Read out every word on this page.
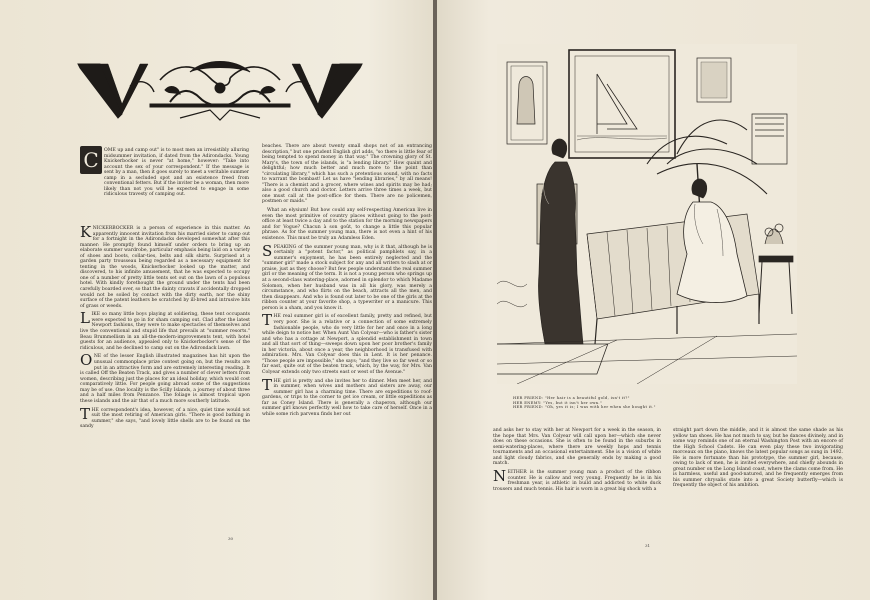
C	OME up and camp out" is to most men an irresistibly alluring midsummer invitation, if dated from the Adirondacks. Young Knickerbocker is never "at home," however: "Take into account the sex of your correspondent." If the message is sent by a man, then it goes surely to meet a veritable summer camp in a secluded spot and an existence freed from conventional fetters. But if the inviter be a woman, then more likely than not you will be expected to engage in some ridiculous travesty of camping out.

KNICKERBOCKER is a person of experience in this matter. An apparently innocent invitation from his married sister to camp out for a fortnight in the Adirondacks developed somewhat after this manner: He promptly found himself under orders to bring up an elaborate summer wardrobe, particular emphasis being laid on a variety of shoes and boots, collar-ties, belts and silk shirts. Surprised at a garden party trousseau being regarded as a necessary equipment for tenting in the woods, Knickerbocker looked up the matter, and discovered, to his infinite amusement, that he was expected to occupy one of a number of pretty little tents set out on the lawn of a populous hotel. With kindly forethought the ground under the tents had been carefully boarded over, so that the dainty cravats if accidentally dropped would not be soiled by contact with the dirty earth, nor the shiny surface of the patent leathers be scratched by ill-bred and intrusive bits of grass or weeds.

LIKE so many little boys playing at soldiering, these tent occupants were expected to go in for sham camping out. Clad after the latest Newport fashions, they were to make spectacles of themselves and live the conventional and stupid life that prevails at "summer resorts." Beau Brummellism in an all-the-modern-improvements tent, with hotel guests for an audience, appealed only to Knickerbocker's sense of the ridiculous, and he declined to camp out on the Adirondack lawn.

ONE of the lesser English illustrated magazines has hit upon the unusual commonplace prize contest going on, but the results are put in an attractive form and are extremely interesting reading. It is called Off the Beaten Track, and gives a number of clever letters from women, describing just the places for an ideal holiday, which would cost comparatively little. For people going abroad some of the suggestions may be of use. One locality is the Scilly Islands, a journey of about three and a half miles from Penzance. The foliage is almost tropical upon these islands and the air that of a much more southerly latitude.

THE correspondent's idea, however, of a nice, quiet time would not suit the most retiring of American girls. "There is good bathing in summer," she says, "and lovely little shells are to be found on the sandy

beaches. There are about twenty small shops not of an entrancing description," but one prudent English girl adds, "so there is little fear of being tempted to spend money in that way." The crowning glory of St. Mary's, the town of the islands, is "a lending library." How quaint and delightful; how much better and much more to the point than "circulating library," which has such a pretentious sound, with no facts to warrant the bombast! Let us have "lending libraries," by all means! "There is a chemist and a grocer, where wines and spirits may be had; also a good church and doctor. Letters arrive three times a week, but one must call at the post-office for them. There are no policemen, postmen or maids."

What an elysium! But how could any self-respecting American live in even the most primitive of country places without going to the post-office at least twice a day and to the station for the morning newspapers and for Vogue? Chacun à son goût, to change a little this popular phrase. As for the summer young man, there is not even a hint of his existence. This must be truly an Adamless Eden.

SPEAKING of the summer young man, why is it that, although he is certainly a "potent factor," as political pamphlets say, in a summer's enjoyment, he has been entirely neglected and the "summer girl" made a stock subject for any and all writers to slash at or praise, just as they choose? But few people understand the real summer girl or the meaning of the term. It is not a young person who springs up at a second-class watering-place, adorned in splendor to which Madame Solomon, when her husband was in all his glory, was merely a circumstance, and who flirts on the beach, attracts all the men, and then disappears. And who is found out later to be one of the girls at the ribbon counter at your favorite shop, a typewriter or a manicure. This person is a sham, and you know it.

THE real summer girl is of excellent family, pretty and refined, but very poor. She is a relative or a connection of some extremely fashionable people, who do very little for her and once in a long while deign to notice her. When Aunt Van Colyear—who is father's sister and who has a cottage at Newport, a splendid establishment in town and all that sort of thing—sweeps down upon her poor brother's family in her victoria, about once a year, the neighborhood is transfused with admiration. Mrs. Van Colyear does this in Lent. It is her penance. "Those people are impossible," she says; "and they live so far west or so far east, quite out of the beaten track, which, by the way, for Mrs. Van Colyear extends only two streets east or west of the Avenue."

THE girl is pretty and she invites her to dinner. Men meet her, and in summer, when wives and mothers and sisters are away, our summer girl has a charming time. There are expeditions to roof-gardens, or trips to the corner to get ice cream, or little expeditions as far as Coney Island. There is generally a chaperon, although our summer girl knows perfectly well how to take care of herself. Once in a while some rich parvenu finds her out

30
HER FRIEND: "Her hair is a beautiful gold, isn't it?"
HER ENEMY: "Yes, but it isn't her own."
HER FRIEND: "Oh, yes it is; I was with her when she bought it."

and asks her to stay with her at Newport for a week in the season, in the hope that Mrs. Van Colyear will call upon her—which she never does on these occasions. She is often to be found in the suburbs in semi-watering-places, where there are weekly hops and tennis tournaments and an occasional entertainment. She is a vision of white and light cloudy fabrics, and she generally ends by making a good match.

NEITHER is the summer young man a product of the ribbon counter. He is callow and very young. Frequently he is in his freshman year, is athletic in build and addicted to white duck trousers and much tennis. His hair is worn in a great big shock with a

straight part down the middle, and it is almost the same shade as his yellow tan shoes. He has not much to say, but he dances divinely, and in some way reminds one of an eternal Washington Post with an encore of the High School Cadets. He can even play these two invigorating morceaux on the piano, knows the latest popular songs as sung in 1492. He is more fortunate than his prototype, the summer girl, because, owing to lack of men, he is invited everywhere, and chiefly abounds in great number on the Long Island coast, where the clams come from. He is harmless, useful and good-natured, and he frequently emerges from his summer chrysalis state into a great Society butterfly—which is frequently the object of his ambition.

31
